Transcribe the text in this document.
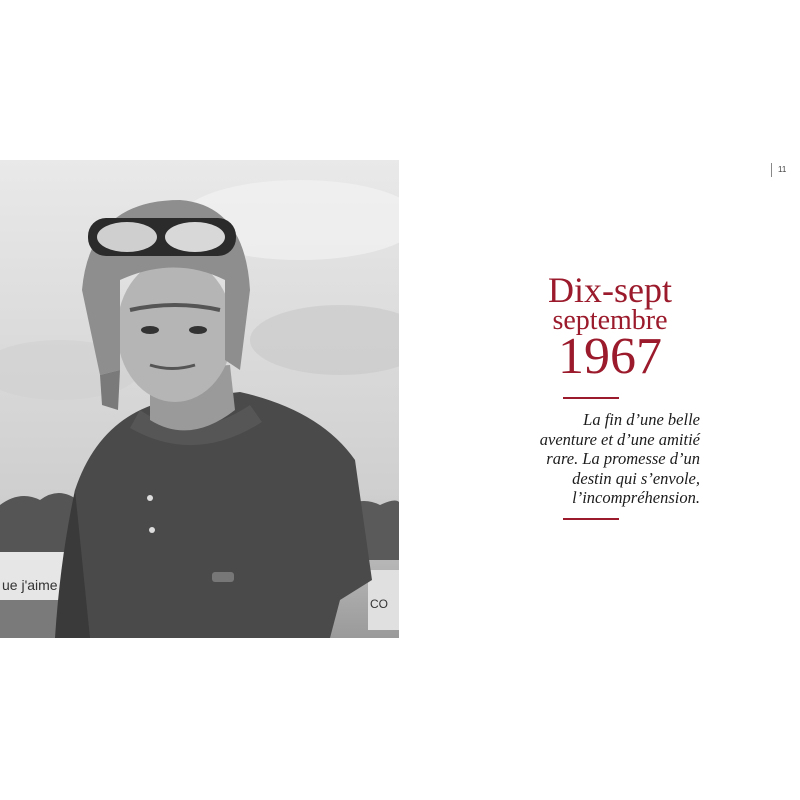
ue j'aime
CO
11
Dix-sept
septembre
1967
La fin d’une belle
aventure et d’une amitié
rare. La promesse d’un
destin qui s’envole,
l’incompréhension.
